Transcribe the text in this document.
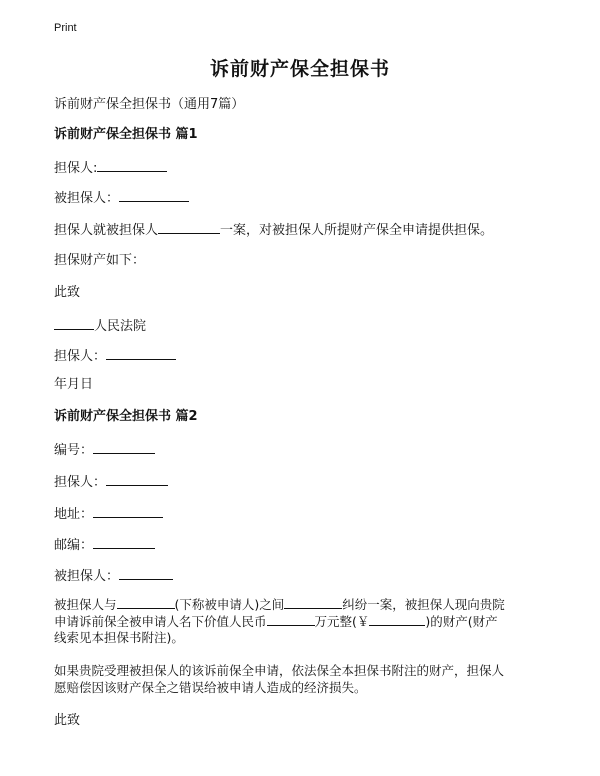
Print
诉前财产保全担保书
诉前财产保全担保书（通用7篇）
诉前财产保全担保书 篇1
担保人:
被担保人：
担保人就被担保人	一案，对被担保人所提财产保全申请提供担保。
担保财产如下：
此致
人民法院
担保人：
年月日
诉前财产保全担保书 篇2
编号：
担保人：
地址：
邮编：
被担保人：
被担保人与	(下称被申请人)之间	纠纷一案，被担保人现向贵院
申请诉前保全被申请人名下价值人民币	万元整(￥	)的财产(财产
线索见本担保书附注)。
如果贵院受理被担保人的该诉前保全申请，依法保全本担保书附注的财产，担保人
愿赔偿因该财产保全之错误给被申请人造成的经济损失。
此致
